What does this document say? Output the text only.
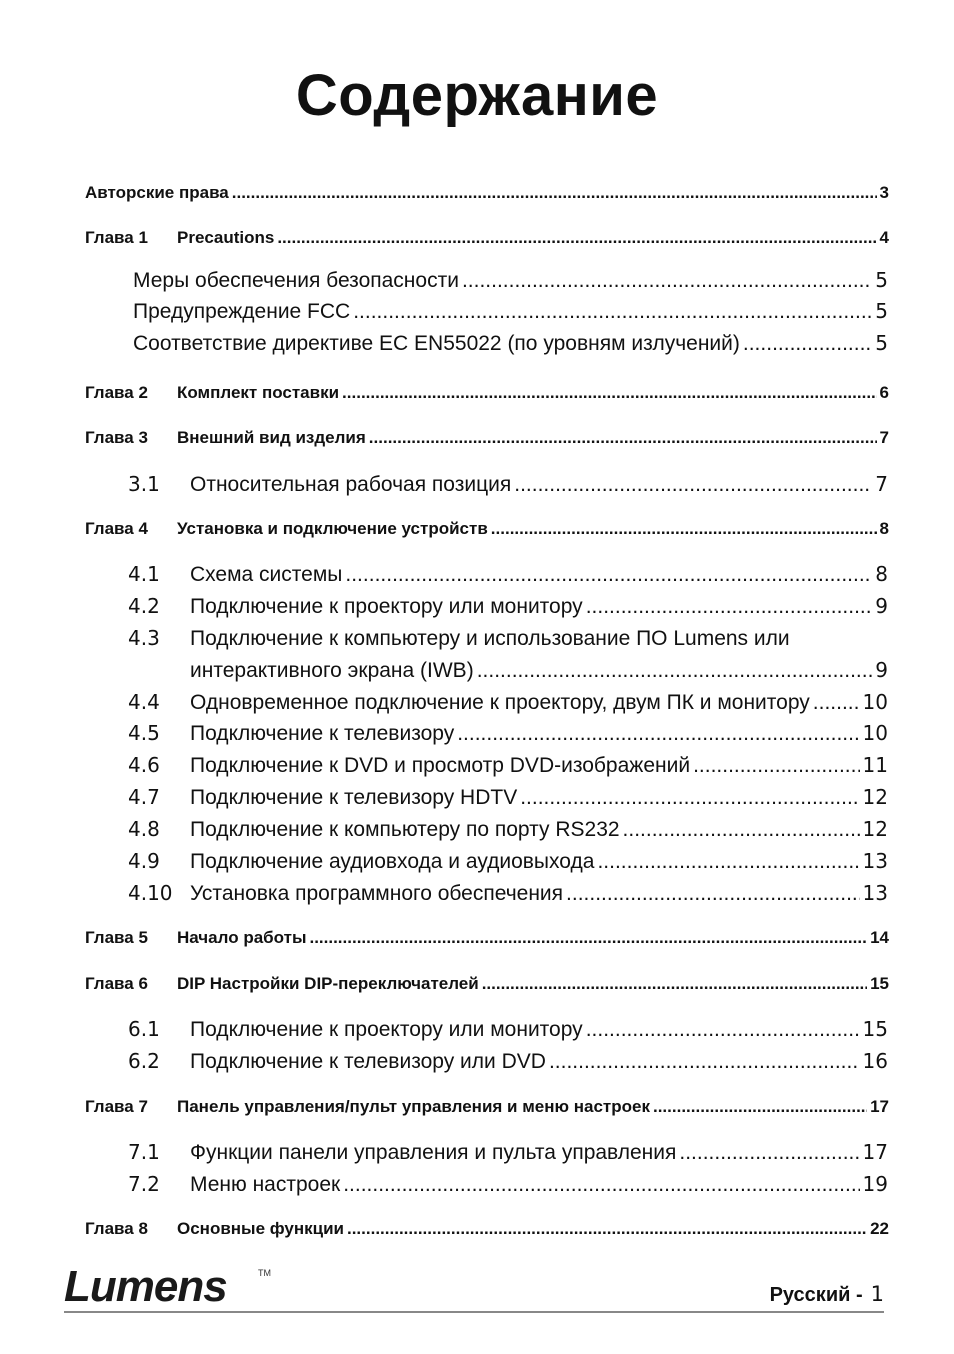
Содержание
Авторские права .....	3
Глава 1	Precautions .....	4
Меры обеспечения безопасности .....	5
Предупреждение FCC .....	5
Соответствие директиве EC EN55022 (по уровням излучений) .....	5
Глава 2	Комплект поставки .....	6
Глава 3	Внешний вид изделия .....	7
3.1	Относительная рабочая позиция .....	7
Глава 4	Установка и подключение устройств .....	8
4.1	Схема системы .....	8
4.2	Подключение к проектору или монитору .....	9
4.3	Подключение к компьютеру и использование ПО Lumens или
интерактивного экрана (IWB) .....	9
4.4	Одновременное подключение к проектору, двум ПК и монитору .....	10
4.5	Подключение к телевизору .....	10
4.6	Подключение к DVD и просмотр DVD-изображений .....	11
4.7	Подключение к телевизору HDTV .....	12
4.8	Подключение к компьютеру по порту RS232 .....	12
4.9	Подключение аудиовхода и аудиовыхода .....	13
4.10 Установка программного обеспечения .....	13
Глава 5	Начало работы .....	14
Глава 6	DIP Настройки DIP-переключателей .....	15
6.1	Подключение к проектору или монитору .....	15
6.2	Подключение к телевизору или DVD .....	16
Глава 7	Панель управления/пульт управления и меню настроек .....	17
7.1	Функции панели управления и пульта управления .....	17
7.2	Меню настроек .....	19
Глава 8	Основные функции .....	22
Lumens	TM
Русский - 1
